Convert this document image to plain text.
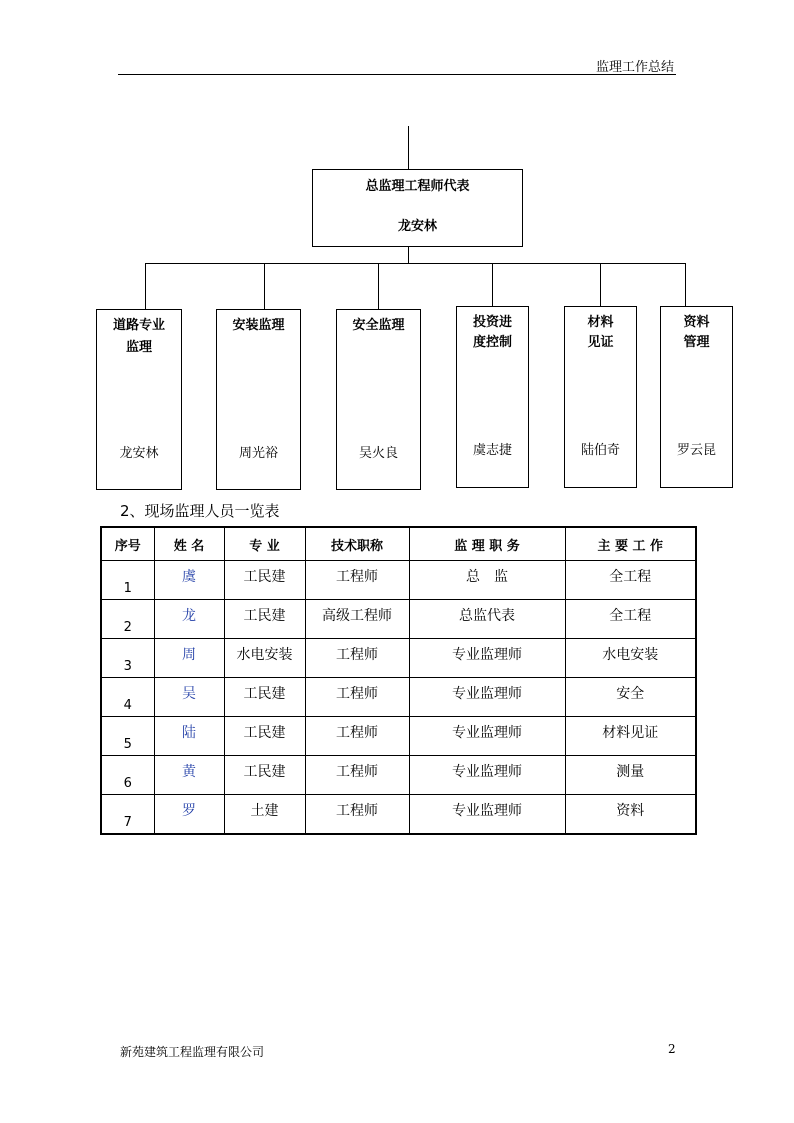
监理工作总结
总监理工程师代表
龙安林
道路专业
监理
龙安林
安装监理
周光裕
安全监理
吴火良
投资进
度控制
虞志捷
材料
见证
陆伯奇
资料
管理
罗云昆
2、现场监理人员一览表
序号	姓 名	专 业	技术职称	监 理 职 务	主 要 工 作
1	虞	工民建	工程师	总　监	全工程
2	龙	工民建	高级工程师	总监代表	全工程
3	周	水电安装	工程师	专业监理师	水电安装
4	吴	工民建	工程师	专业监理师	安全
5	陆	工民建	工程师	专业监理师	材料见证
6	黄	工民建	工程师	专业监理师	测量
7	罗	土建	工程师	专业监理师	资料
新苑建筑工程监理有限公司	2
